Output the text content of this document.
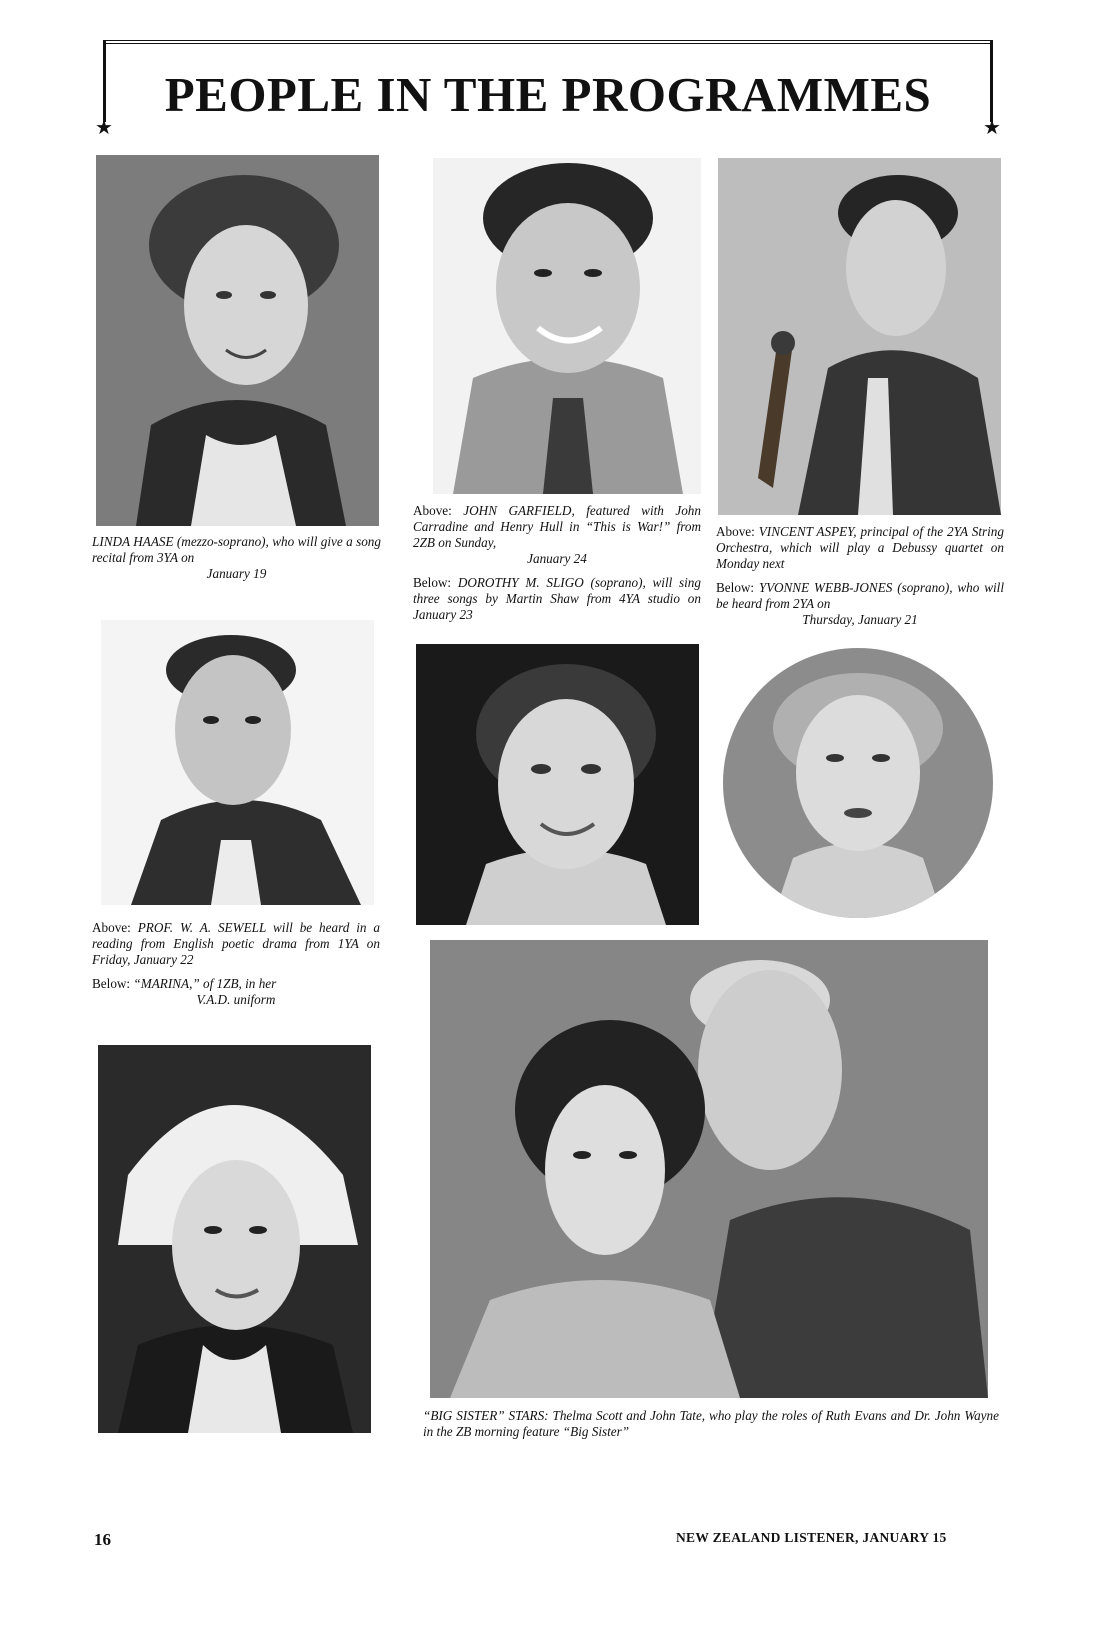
PEOPLE IN THE PROGRAMMES
★	★
LINDA HAASE (mezzo-soprano), who will give a song recital from 3YA on
January 19

Above: JOHN GARFIELD, featured with John Carradine and Henry Hull in “This is War!” from 2ZB on Sunday,
January 24

Below: DOROTHY M. SLIGO (soprano), will sing three songs by Martin Shaw from 4YA studio on January 23

Above: VINCENT ASPEY, principal of the 2YA String Orchestra, which will play a Debussy quartet on Monday next

Below: YVONNE WEBB-JONES (soprano), who will be heard from 2YA on
Thursday, January 21

Above: PROF. W. A. SEWELL will be heard in a reading from English poetic drama from 1YA on Friday, January 22

Below: “MARINA,” of 1ZB, in her
V.A.D. uniform

“BIG SISTER” STARS: Thelma Scott and John Tate, who play the roles of Ruth Evans and Dr. John Wayne in the ZB morning feature “Big Sister”
16	NEW ZEALAND LISTENER, JANUARY 15
